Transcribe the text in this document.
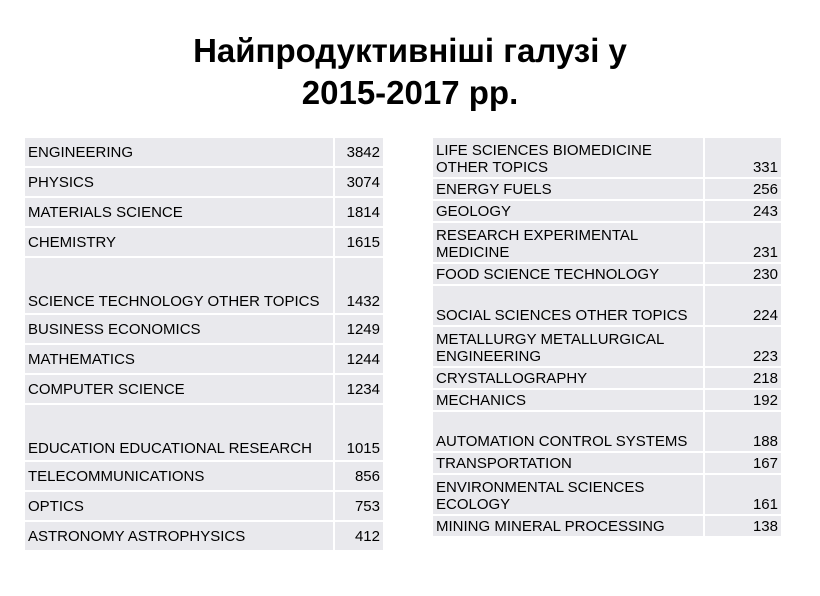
Найпродуктивніші галузі у
2015-2017 рр.
ENGINEERING	3842
PHYSICS	3074
MATERIALS SCIENCE	1814
CHEMISTRY	1615
SCIENCE TECHNOLOGY OTHER TOPICS	1432
BUSINESS ECONOMICS	1249
MATHEMATICS	1244
COMPUTER SCIENCE	1234
EDUCATION EDUCATIONAL RESEARCH	1015
TELECOMMUNICATIONS	856
OPTICS	753
ASTRONOMY ASTROPHYSICS	412
LIFE SCIENCES BIOMEDICINE OTHER TOPICS	331
ENERGY FUELS	256
GEOLOGY	243
RESEARCH EXPERIMENTAL MEDICINE	231
FOOD SCIENCE TECHNOLOGY	230
SOCIAL SCIENCES OTHER TOPICS	224
METALLURGY METALLURGICAL ENGINEERING	223
CRYSTALLOGRAPHY	218
MECHANICS	192
AUTOMATION CONTROL SYSTEMS	188
TRANSPORTATION	167
ENVIRONMENTAL SCIENCES ECOLOGY	161
MINING MINERAL PROCESSING	138
